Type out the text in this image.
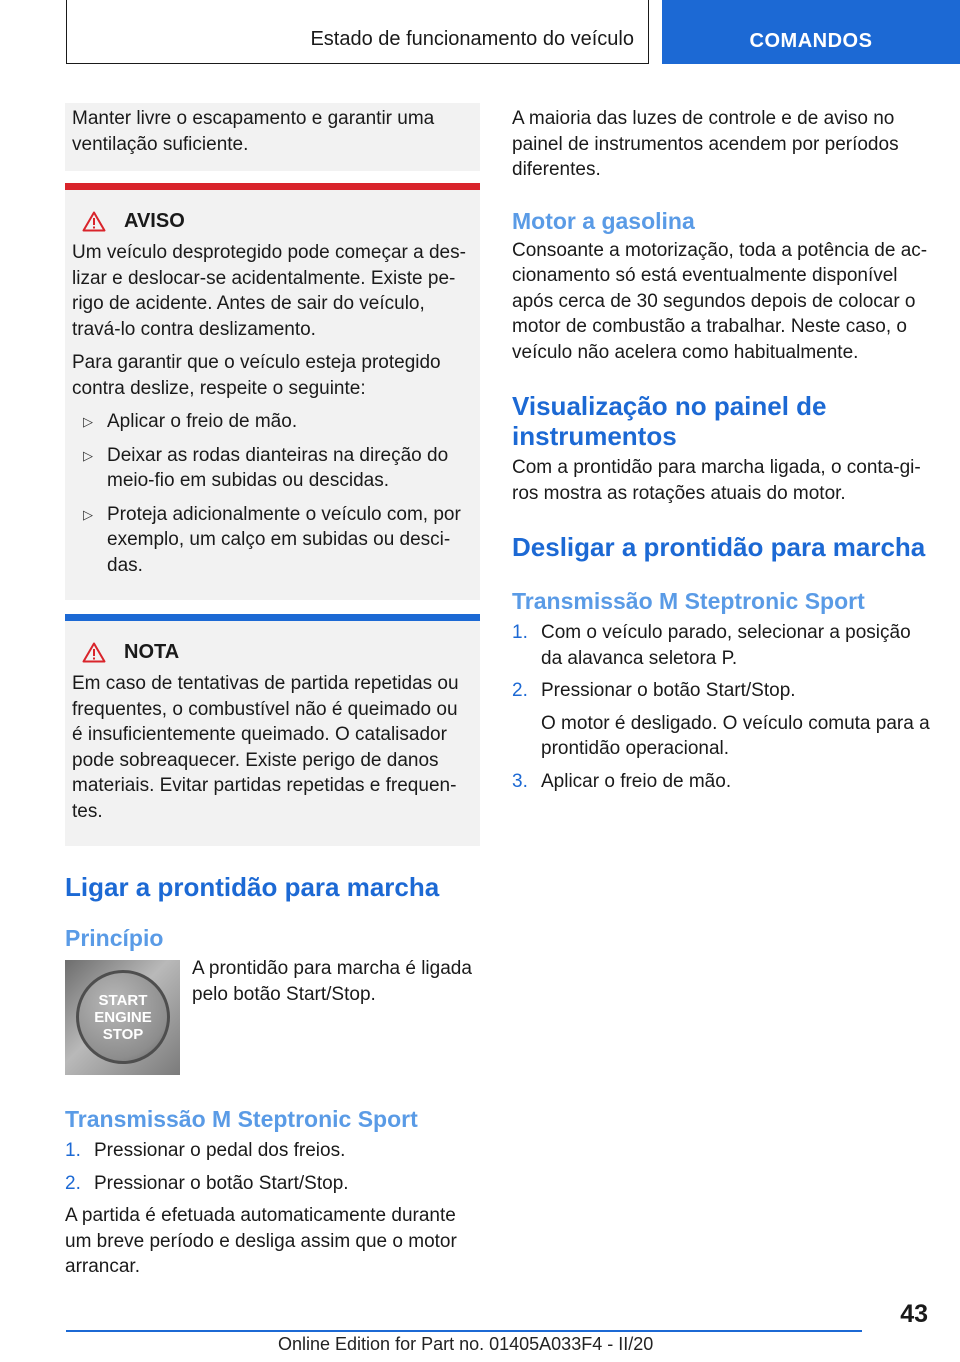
Estado de funcionamento do veículo	COMANDOS

Manter livre o escapamento e garantir uma ventilação suficiente.

AVISO

Um veículo desprotegido pode começar a des-lizar e deslocar-se acidentalmente. Existe pe-rigo de acidente. Antes de sair do veículo, travá-lo contra deslizamento.

Para garantir que o veículo esteja protegido contra deslize, respeite o seguinte:

▷ Aplicar o freio de mão.
▷ Deixar as rodas dianteiras na direção do meio-fio em subidas ou descidas.
▷ Proteja adicionalmente o veículo com, por exemplo, um calço em subidas ou desci-das.
NOTA

Em caso de tentativas de partida repetidas ou frequentes, o combustível não é queimado ou é insuficientemente queimado. O catalisador pode sobreaquecer. Existe perigo de danos materiais. Evitar partidas repetidas e frequen-tes.

Ligar a prontidão para marcha
Princípio
START
ENGINE
STOP

A prontidão para marcha é ligada pelo botão Start/Stop.

Transmissão M Steptronic Sport
1. Pressionar o pedal dos freios.
2. Pressionar o botão Start/Stop.

A partida é efetuada automaticamente durante um breve período e desliga assim que o motor arrancar.

A maioria das luzes de controle e de aviso no painel de instrumentos acendem por períodos diferentes.

Motor a gasolina

Consoante a motorização, toda a potência de ac-cionamento só está eventualmente disponível após cerca de 30 segundos depois de colocar o motor de combustão a trabalhar. Neste caso, o veículo não acelera como habitualmente.

Visualização no painel de instrumentos

Com a prontidão para marcha ligada, o conta-gi-ros mostra as rotações atuais do motor.

Desligar a prontidão para marcha
Transmissão M Steptronic Sport
1. Com o veículo parado, selecionar a posição da alavanca seletora P.
2. Pressionar o botão Start/Stop.

O motor é desligado. O veículo comuta para a prontidão operacional.
3. Aplicar o freio de mão.
43
Online Edition for Part no. 01405A033F4 - II/20
